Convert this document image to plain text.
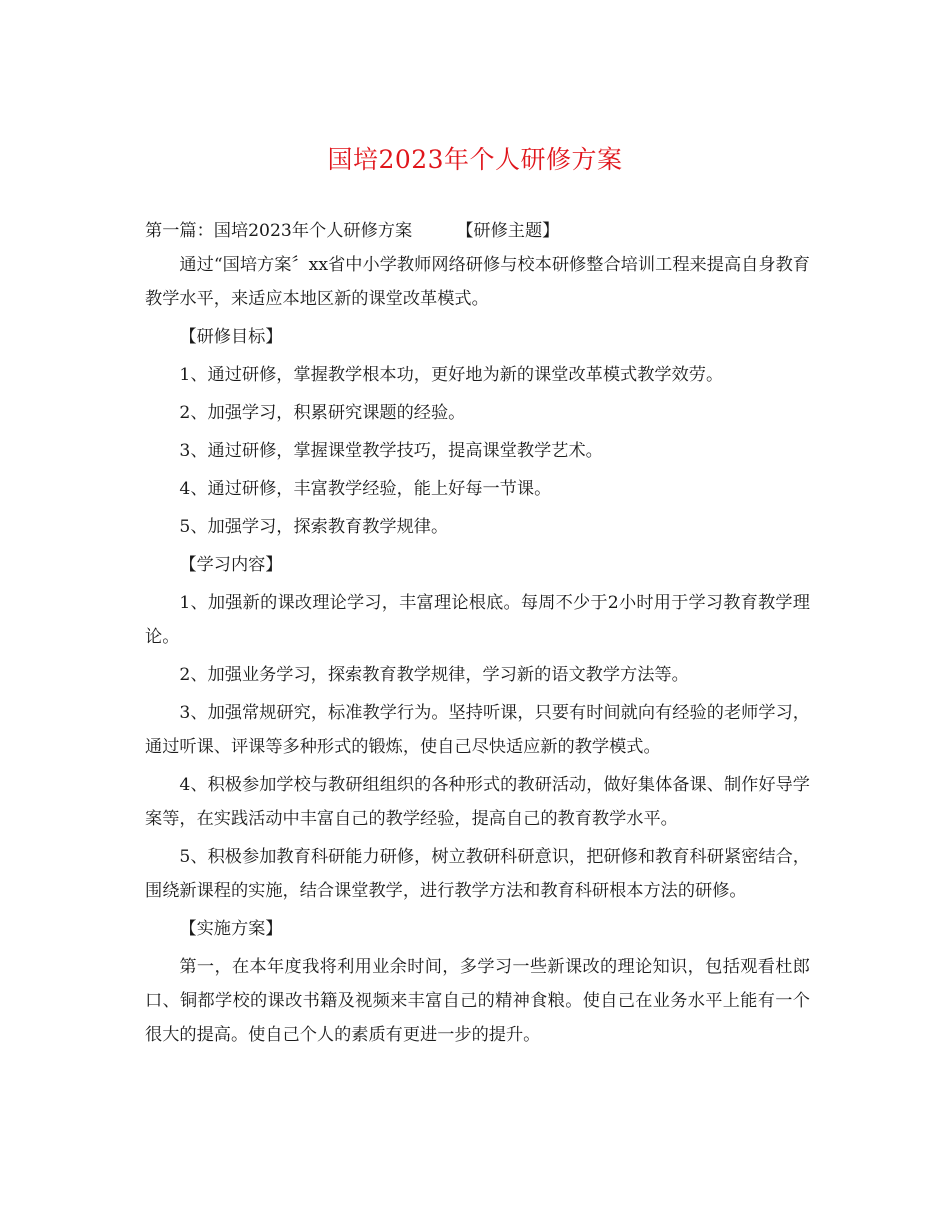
国培2023年个人研修方案

第一篇：国培2023年个人研修方案	【研修主题】

通过“国培方案〞xx省中小学教师网络研修与校本研修整合培训工程来提高自身教育教学水平，来适应本地区新的课堂改革模式。

【研修目标】

1、通过研修，掌握教学根本功，更好地为新的课堂改革模式教学效劳。

2、加强学习，积累研究课题的经验。

3、通过研修，掌握课堂教学技巧，提高课堂教学艺术。

4、通过研修，丰富教学经验，能上好每一节课。

5、加强学习，探索教育教学规律。

【学习内容】

1、加强新的课改理论学习，丰富理论根底。每周不少于2小时用于学习教育教学理论。

2、加强业务学习，探索教育教学规律，学习新的语文教学方法等。

3、加强常规研究，标准教学行为。坚持听课，只要有时间就向有经验的老师学习，通过听课、评课等多种形式的锻炼，使自己尽快适应新的教学模式。

4、积极参加学校与教研组组织的各种形式的教研活动，做好集体备课、制作好导学案等，在实践活动中丰富自己的教学经验，提高自己的教育教学水平。

5、积极参加教育科研能力研修，树立教研科研意识，把研修和教育科研紧密结合，围绕新课程的实施，结合课堂教学，进行教学方法和教育科研根本方法的研修。

【实施方案】

第一，在本年度我将利用业余时间，多学习一些新课改的理论知识，包括观看杜郎口、铜都学校的课改书籍及视频来丰富自己的精神食粮。使自己在业务水平上能有一个很大的提高。使自己个人的素质有更进一步的提升。
